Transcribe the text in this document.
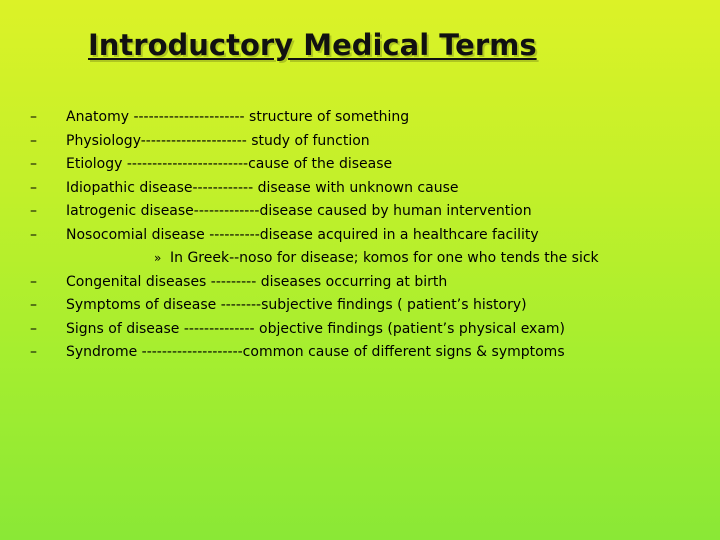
Introductory Medical Terms
–	Anatomy ---------------------- structure of something
–	Physiology--------------------- study of function
–	Etiology ------------------------cause of the disease
–	Idiopathic disease------------ disease with unknown cause
–	Iatrogenic disease-------------disease caused by human intervention
–	Nosocomial disease ----------disease acquired in a healthcare facility
» In Greek--noso for disease; komos for one who tends the sick
–	Congenital diseases --------- diseases occurring at birth
–	Symptoms of disease --------subjective findings ( patient’s history)
–	Signs of disease -------------- objective findings (patient’s physical exam)
–	Syndrome --------------------common cause of different signs & symptoms
